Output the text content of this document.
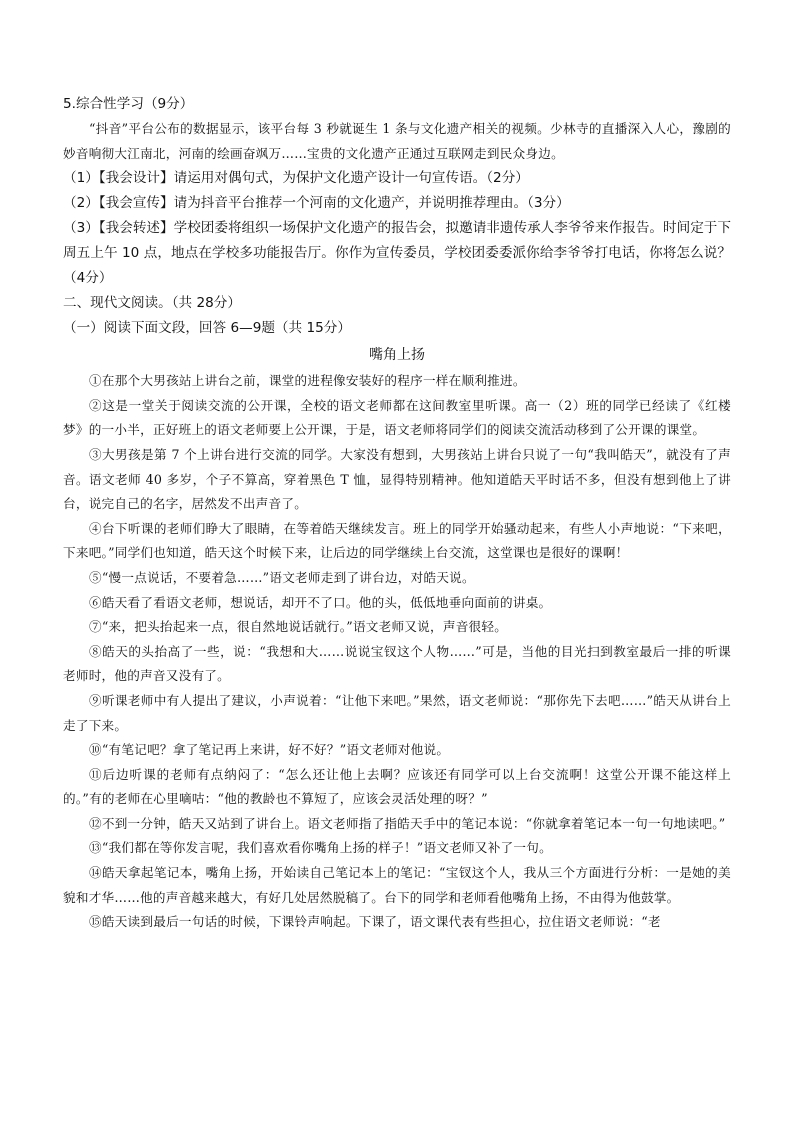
5.综合性学习（9分）

“抖音”平台公布的数据显示，该平台每 3 秒就诞生 1 条与文化遗产相关的视频。少林寺的直播深入人心，豫剧的妙音响彻大江南北，河南的绘画奋飒万……宝贵的文化遗产正通过互联网走到民众身边。

（1）【我会设计】请运用对偶句式，为保护文化遗产设计一句宣传语。（2分）

（2）【我会宣传】请为抖音平台推荐一个河南的文化遗产，并说明推荐理由。（3分）

（3）【我会转述】学校团委将组织一场保护文化遗产的报告会，拟邀请非遗传承人李爷爷来作报告。时间定于下周五上午 10 点，地点在学校多功能报告厅。你作为宣传委员，学校团委委派你给李爷爷打电话，你将怎么说？（4分）

二、现代文阅读。（共 28分）

（一）阅读下面文段，回答 6—9题（共 15分）

嘴角上扬

①在那个大男孩站上讲台之前，课堂的进程像安装好的程序一样在顺利推进。

②这是一堂关于阅读交流的公开课，全校的语文老师都在这间教室里听课。高一（2）班的同学已经读了《红楼梦》的一小半，正好班上的语文老师要上公开课，于是，语文老师将同学们的阅读交流活动移到了公开课的课堂。

③大男孩是第 7 个上讲台进行交流的同学。大家没有想到，大男孩站上讲台只说了一句“我叫皓天”，就没有了声音。语文老师 40 多岁，个子不算高，穿着黑色 T 恤，显得特别精神。他知道皓天平时话不多，但没有想到他上了讲台，说完自己的名字，居然发不出声音了。

④台下听课的老师们睁大了眼睛，在等着皓天继续发言。班上的同学开始骚动起来，有些人小声地说：“下来吧，下来吧。”同学们也知道，皓天这个时候下来，让后边的同学继续上台交流，这堂课也是很好的课啊！

⑤“慢一点说话，不要着急……”语文老师走到了讲台边，对皓天说。

⑥皓天看了看语文老师，想说话，却开不了口。他的头，低低地垂向面前的讲桌。

⑦“来，把头抬起来一点，很自然地说话就行。”语文老师又说，声音很轻。

⑧皓天的头抬高了一些，说：“我想和大……说说宝钗这个人物……”可是，当他的目光扫到教室最后一排的听课老师时，他的声音又没有了。

⑨听课老师中有人提出了建议，小声说着：“让他下来吧。”果然，语文老师说：“那你先下去吧……”皓天从讲台上走了下来。

⑩“有笔记吧？拿了笔记再上来讲，好不好？”语文老师对他说。

⑪后边听课的老师有点纳闷了：“怎么还让他上去啊？应该还有同学可以上台交流啊！这堂公开课不能这样上的。”有的老师在心里嘀咕：“他的教龄也不算短了，应该会灵活处理的呀？”

⑫不到一分钟，皓天又站到了讲台上。语文老师指了指皓天手中的笔记本说：“你就拿着笔记本一句一句地读吧。”

⑬“我们都在等你发言呢，我们喜欢看你嘴角上扬的样子！”语文老师又补了一句。

⑭皓天拿起笔记本，嘴角上扬，开始读自己笔记本上的笔记：“宝钗这个人，我从三个方面进行分析：一是她的美貌和才华……他的声音越来越大，有好几处居然脱稿了。台下的同学和老师看他嘴角上扬，不由得为他鼓掌。

⑮皓天读到最后一句话的时候，下课铃声响起。下课了，语文课代表有些担心，拉住语文老师说：“老
